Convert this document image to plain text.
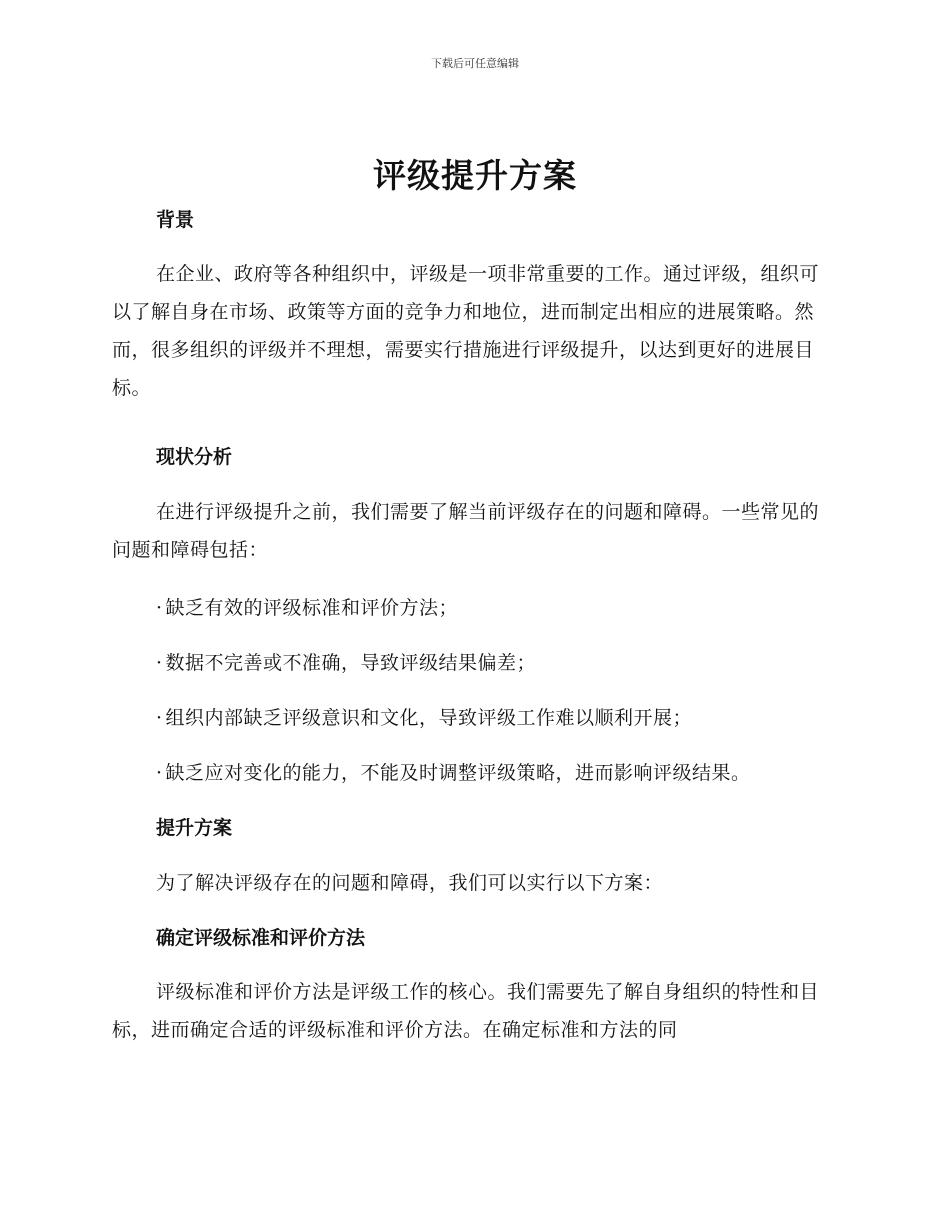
下载后可任意编辑
评级提升方案
背景

在企业、政府等各种组织中，评级是一项非常重要的工作。通过评级，组织可以了解自身在市场、政策等方面的竞争力和地位，进而制定出相应的进展策略。然而，很多组织的评级并不理想，需要实行措施进行评级提升，以达到更好的进展目标。

现状分析

在进行评级提升之前，我们需要了解当前评级存在的问题和障碍。一些常见的问题和障碍包括：

· 缺乏有效的评级标准和评价方法；
· 数据不完善或不准确，导致评级结果偏差；
· 组织内部缺乏评级意识和文化，导致评级工作难以顺利开展；
· 缺乏应对变化的能力，不能及时调整评级策略，进而影响评级结果。
提升方案
为了解决评级存在的问题和障碍，我们可以实行以下方案：
确定评级标准和评价方法

评级标准和评价方法是评级工作的核心。我们需要先了解自身组织的特性和目标，进而确定合适的评级标准和评价方法。在确定标准和方法的同
